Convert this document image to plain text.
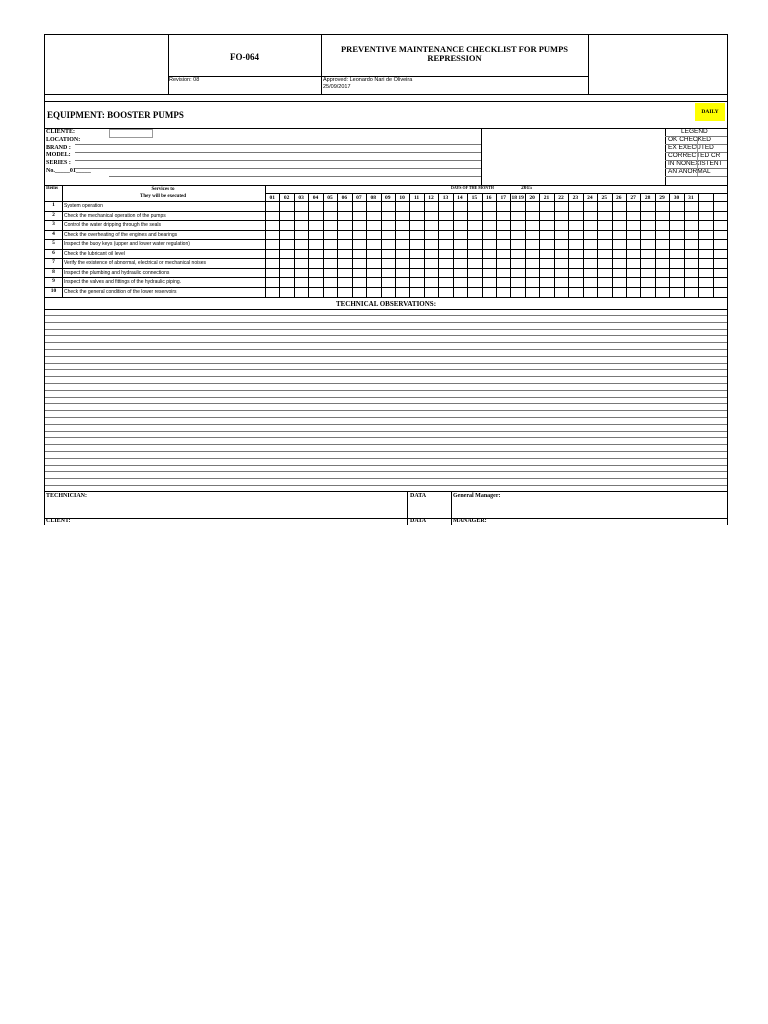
FO-064
PREVENTIVE MAINTENANCE CHECKLIST FOR PUMPS
REPRESSION
Revision: 08	Approved: Leonardo Nari de Oliveira
25/09/2017
EQUIPMENT: BOOSTER PUMPS	DAILY
CLIENTE:
LOCATION:
BRAND :
MODEL:
SERIES :
No._____01_____
LEGEND
OK CHECKED
EX EXECUTED
CORRECTED CR
IN NONEXISTENT
AN ANORMAL
Items	Services to
They will be executed
DAYS OF THE MONTH	2015
01	02	03	04	05	06	07	08	09	10	11	12	13	14	15	16	17	18 19	20	21	22	23	24	25	26	27	28	29	30	31
1	System operation
2	Check the mechanical operation of the pumps
3	Control the water dripping through the seals
4	Check the overheating of the engines and bearings
5	Inspect the buoy keys (upper and lower water regulation)
6	Check the lubricant oil level
7	Verify the existence of abnormal, electrical or mechanical noises
8	Inspect the plumbing and hydraulic connections
9	Inspect the valves and fittings of the hydraulic piping.
10	Check the general condition of the lower reservoirs
TECHNICAL OBSERVATIONS:
TECHNICIAN:	DATA	General Manager:
CLIENT:	DATA	MANAGER:
